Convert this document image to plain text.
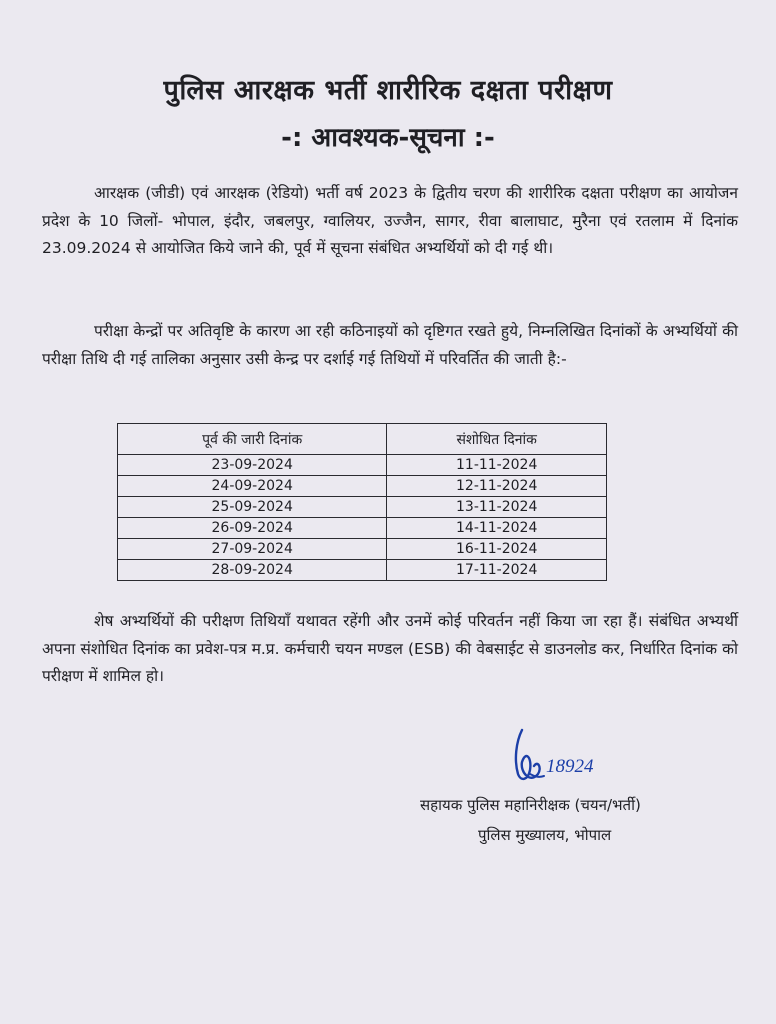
पुलिस आरक्षक भर्ती शारीरिक दक्षता परीक्षण
-: आवश्यक-सूचना :-
आरक्षक (जीडी) एवं आरक्षक (रेडियो) भर्ती वर्ष 2023 के द्वितीय चरण की शारीरिक दक्षता परीक्षण का आयोजन प्रदेश के 10 जिलों- भोपाल, इंदौर, जबलपुर, ग्वालियर, उज्जैन, सागर, रीवा बालाघाट, मुरैना एवं रतलाम में दिनांक 23.09.2024 से आयोजित किये जाने की, पूर्व में सूचना संबंधित अभ्यर्थियों को दी गई थी।
परीक्षा केन्द्रों पर अतिवृष्टि के कारण आ रही कठिनाइयों को दृष्टिगत रखते हुये, निम्नलिखित दिनांकों के अभ्यर्थियों की परीक्षा तिथि दी गई तालिका अनुसार उसी केन्द्र पर दर्शाई गई तिथियों में परिवर्तित की जाती है:-
पूर्व की जारी दिनांक	संशोधित दिनांक
23-09-2024	11-11-2024
24-09-2024	12-11-2024
25-09-2024	13-11-2024
26-09-2024	14-11-2024
27-09-2024	16-11-2024
28-09-2024	17-11-2024
शेष अभ्यर्थियों की परीक्षण तिथियाँ यथावत रहेंगी और उनमें कोई परिवर्तन नहीं किया जा रहा हैं। संबंधित अभ्यर्थी अपना संशोधित दिनांक का प्रवेश-पत्र म.प्र. कर्मचारी चयन मण्डल (ESB) की वेबसाईट से डाउनलोड कर, निर्धारित दिनांक को परीक्षण में शामिल हो।
18924
सहायक पुलिस महानिरीक्षक (चयन/भर्ती)
पुलिस मुख्यालय, भोपाल
